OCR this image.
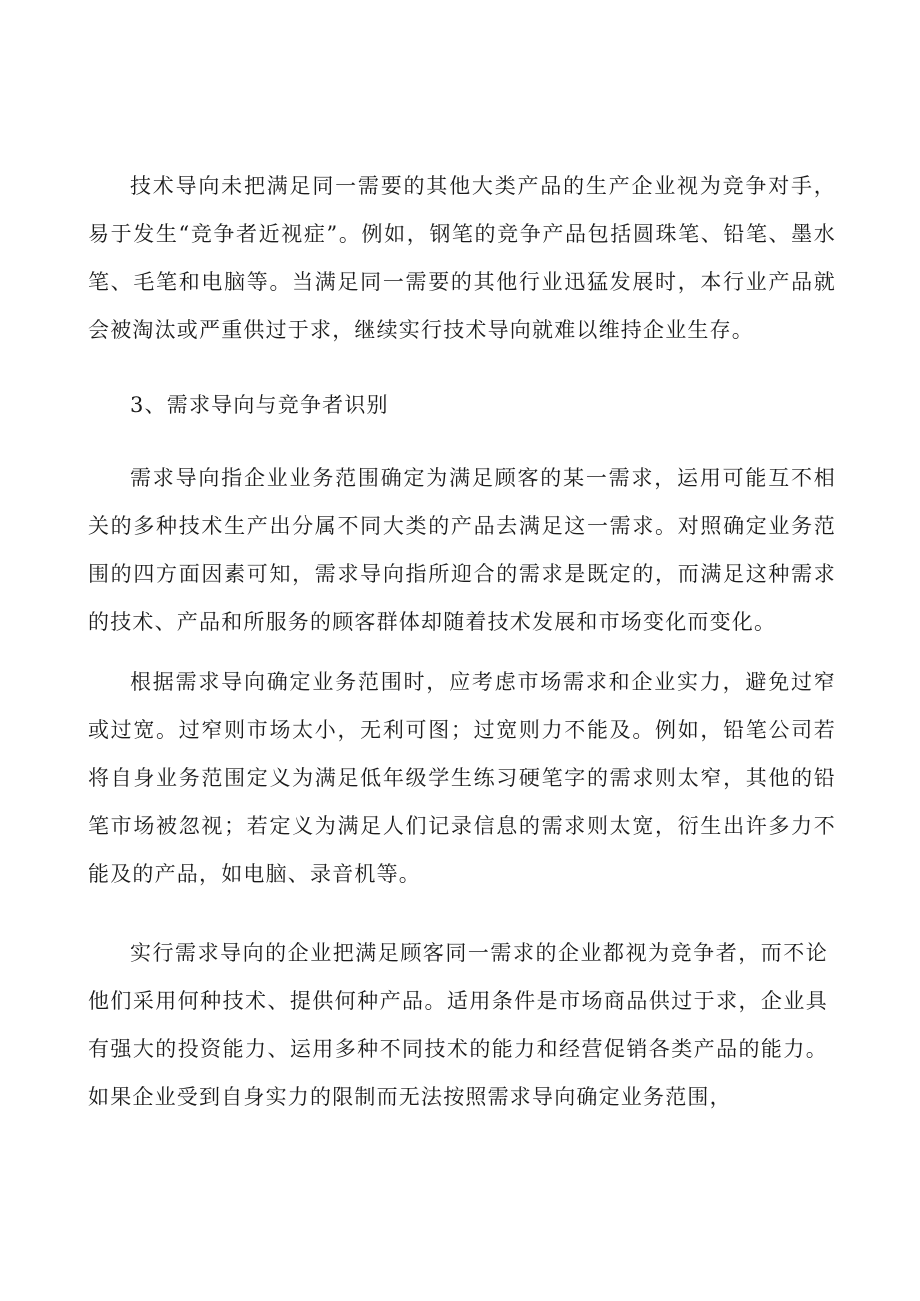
技术导向未把满足同一需要的其他大类产品的生产企业视为竞争对手，易于发生“竞争者近视症”。例如，钢笔的竞争产品包括圆珠笔、铅笔、墨水笔、毛笔和电脑等。当满足同一需要的其他行业迅猛发展时，本行业产品就会被淘汰或严重供过于求，继续实行技术导向就难以维持企业生存。

3、需求导向与竞争者识别

需求导向指企业业务范围确定为满足顾客的某一需求，运用可能互不相关的多种技术生产出分属不同大类的产品去满足这一需求。对照确定业务范围的四方面因素可知，需求导向指所迎合的需求是既定的，而满足这种需求的技术、产品和所服务的顾客群体却随着技术发展和市场变化而变化。

根据需求导向确定业务范围时，应考虑市场需求和企业实力，避免过窄或过宽。过窄则市场太小，无利可图；过宽则力不能及。例如，铅笔公司若将自身业务范围定义为满足低年级学生练习硬笔字的需求则太窄，其他的铅笔市场被忽视；若定义为满足人们记录信息的需求则太宽，衍生出许多力不能及的产品，如电脑、录音机等。

实行需求导向的企业把满足顾客同一需求的企业都视为竞争者，而不论他们采用何种技术、提供何种产品。适用条件是市场商品供过于求，企业具有强大的投资能力、运用多种不同技术的能力和经营促销各类产品的能力。如果企业受到自身实力的限制而无法按照需求导向确定业务范围，
